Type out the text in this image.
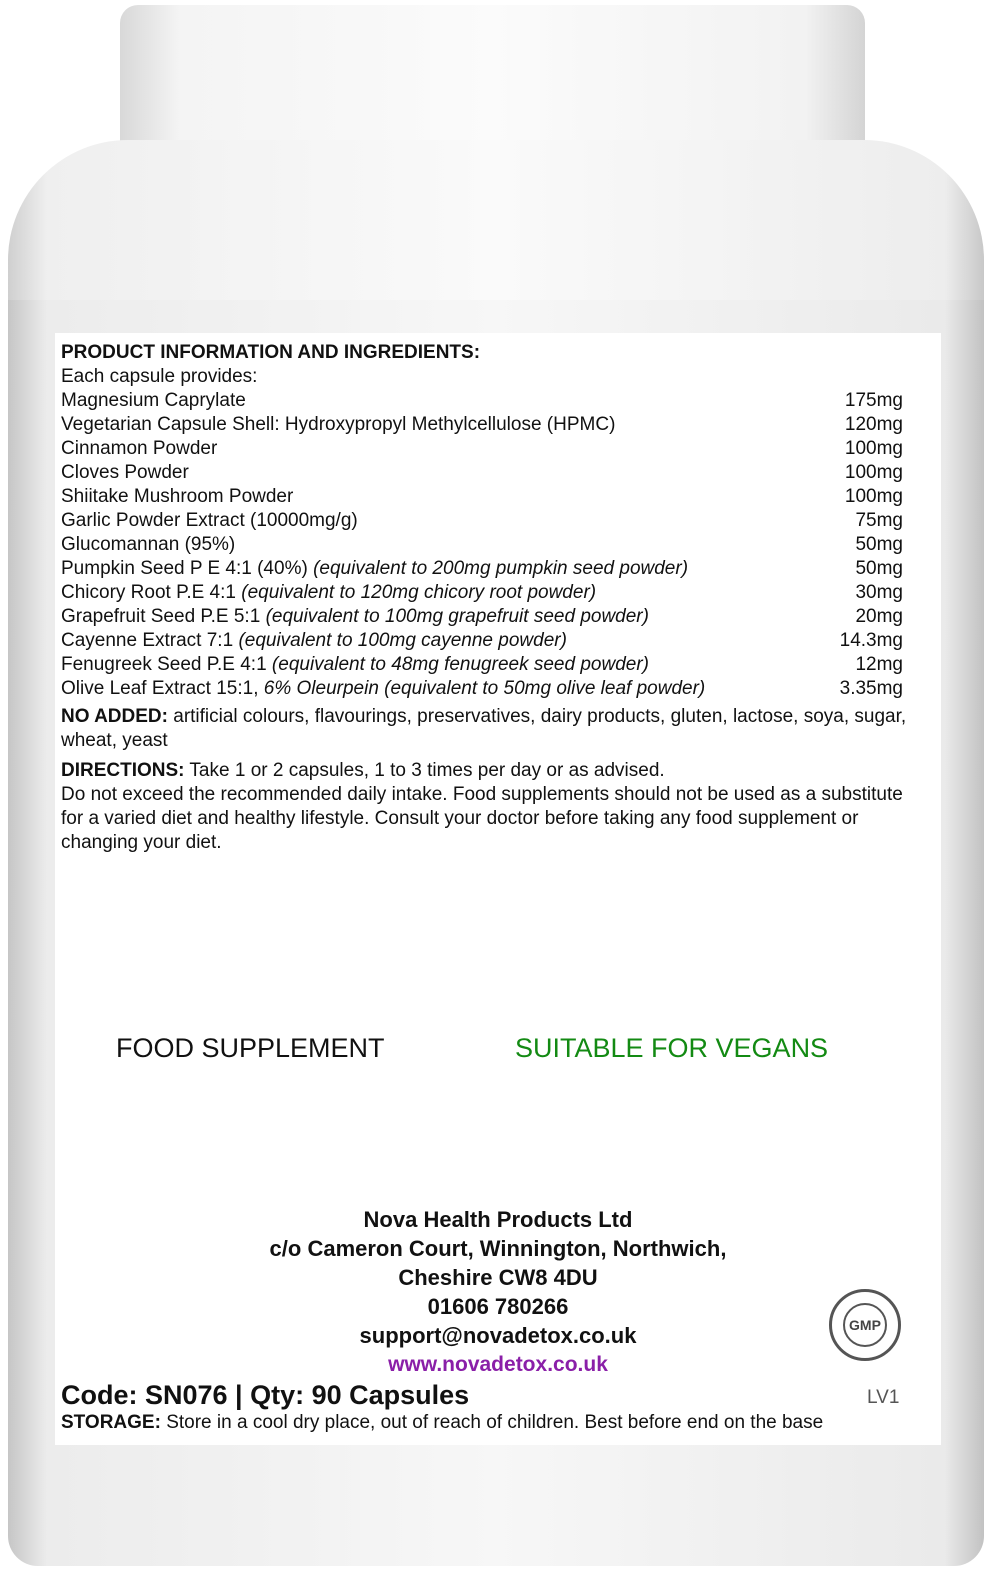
PRODUCT INFORMATION AND INGREDIENTS:
Each capsule provides:
Magnesium Caprylate	175mg
Vegetarian Capsule Shell: Hydroxypropyl Methylcellulose (HPMC)	120mg
Cinnamon Powder	100mg
Cloves Powder	100mg
Shiitake Mushroom Powder	100mg
Garlic Powder Extract (10000mg/g)	75mg
Glucomannan (95%)	50mg
Pumpkin Seed P E 4:1 (40%) (equivalent to 200mg pumpkin seed powder)	50mg
Chicory Root P.E 4:1 (equivalent to 120mg chicory root powder)	30mg
Grapefruit Seed P.E 5:1 (equivalent to 100mg grapefruit seed powder)	20mg
Cayenne Extract 7:1 (equivalent to 100mg cayenne powder)	14.3mg
Fenugreek Seed P.E 4:1 (equivalent to 48mg fenugreek seed powder)	12mg
Olive Leaf Extract 15:1, 6% Oleurpein (equivalent to 50mg olive leaf powder)	3.35mg
NO ADDED: artificial colours, flavourings, preservatives, dairy products, gluten, lactose, soya, sugar, wheat, yeast
DIRECTIONS: Take 1 or 2 capsules, 1 to 3 times per day or as advised.
Do not exceed the recommended daily intake. Food supplements should not be used as a substitute for a varied diet and healthy lifestyle. Consult your doctor before taking any food supplement or changing your diet.
FOOD SUPPLEMENT	SUITABLE FOR VEGANS
Nova Health Products Ltd
c/o Cameron Court, Winnington, Northwich,
Cheshire CW8 4DU
01606 780266
support@novadetox.co.uk
www.novadetox.co.uk
GMP
Code: SN076 | Qty: 90 Capsules	LV1
STORAGE: Store in a cool dry place, out of reach of children. Best before end on the base
